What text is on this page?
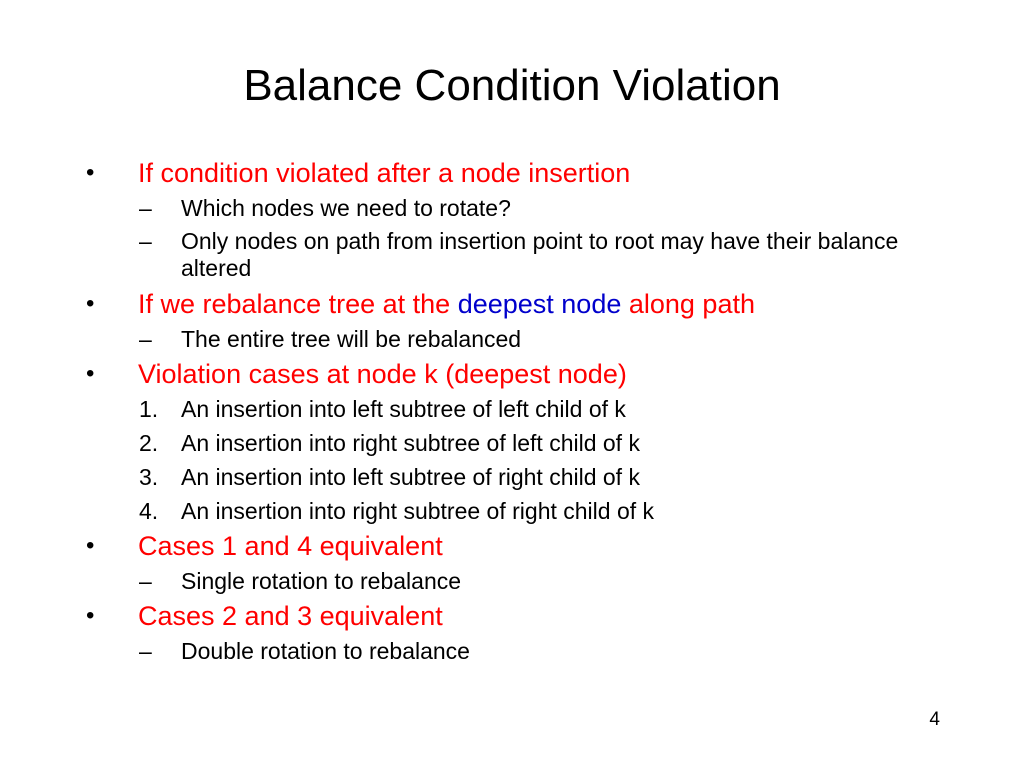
Balance Condition Violation
• If condition violated after a node insertion
– Which nodes we need to rotate?
– Only nodes on path from insertion point to root may have their balance altered
• If we rebalance tree at the deepest node along path
– The entire tree will be rebalanced
• Violation cases at node k (deepest node)
1. An insertion into left subtree of left child of k
2. An insertion into right subtree of left child of k
3. An insertion into left subtree of right child of k
4. An insertion into right subtree of right child of k
• Cases 1 and 4 equivalent
– Single rotation to rebalance
• Cases 2 and 3 equivalent
– Double rotation to rebalance
4
